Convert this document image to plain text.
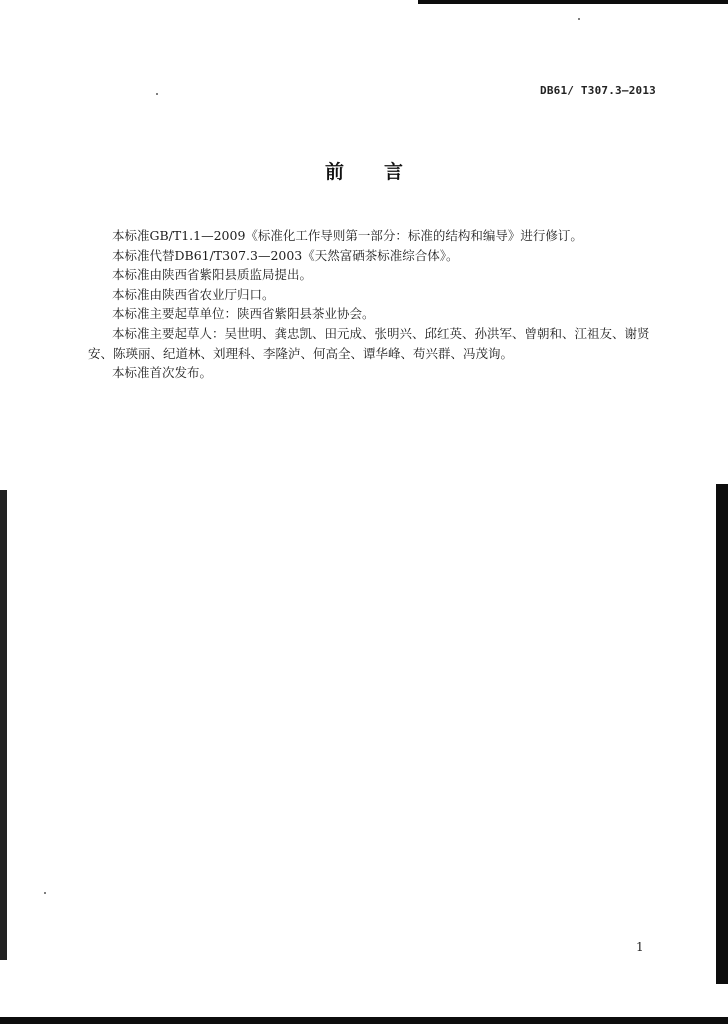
DB61/ T307.3—2013
前言

本标准GB/T1.1—2009《标准化工作导则第一部分：标准的结构和编导》进行修订。

本标准代替DB61/T307.3—2003《天然富硒茶标准综合体》。

本标准由陕西省紫阳县质监局提出。

本标准由陕西省农业厅归口。

本标准主要起草单位：陕西省紫阳县茶业协会。

本标准主要起草人：吴世明、龚忠凯、田元成、张明兴、邱红英、孙洪军、曾朝和、江祖友、谢贤安、陈瑛丽、纪道林、刘理科、李隆泸、何高全、谭华峰、苟兴群、冯茂询。

本标准首次发布。

1
